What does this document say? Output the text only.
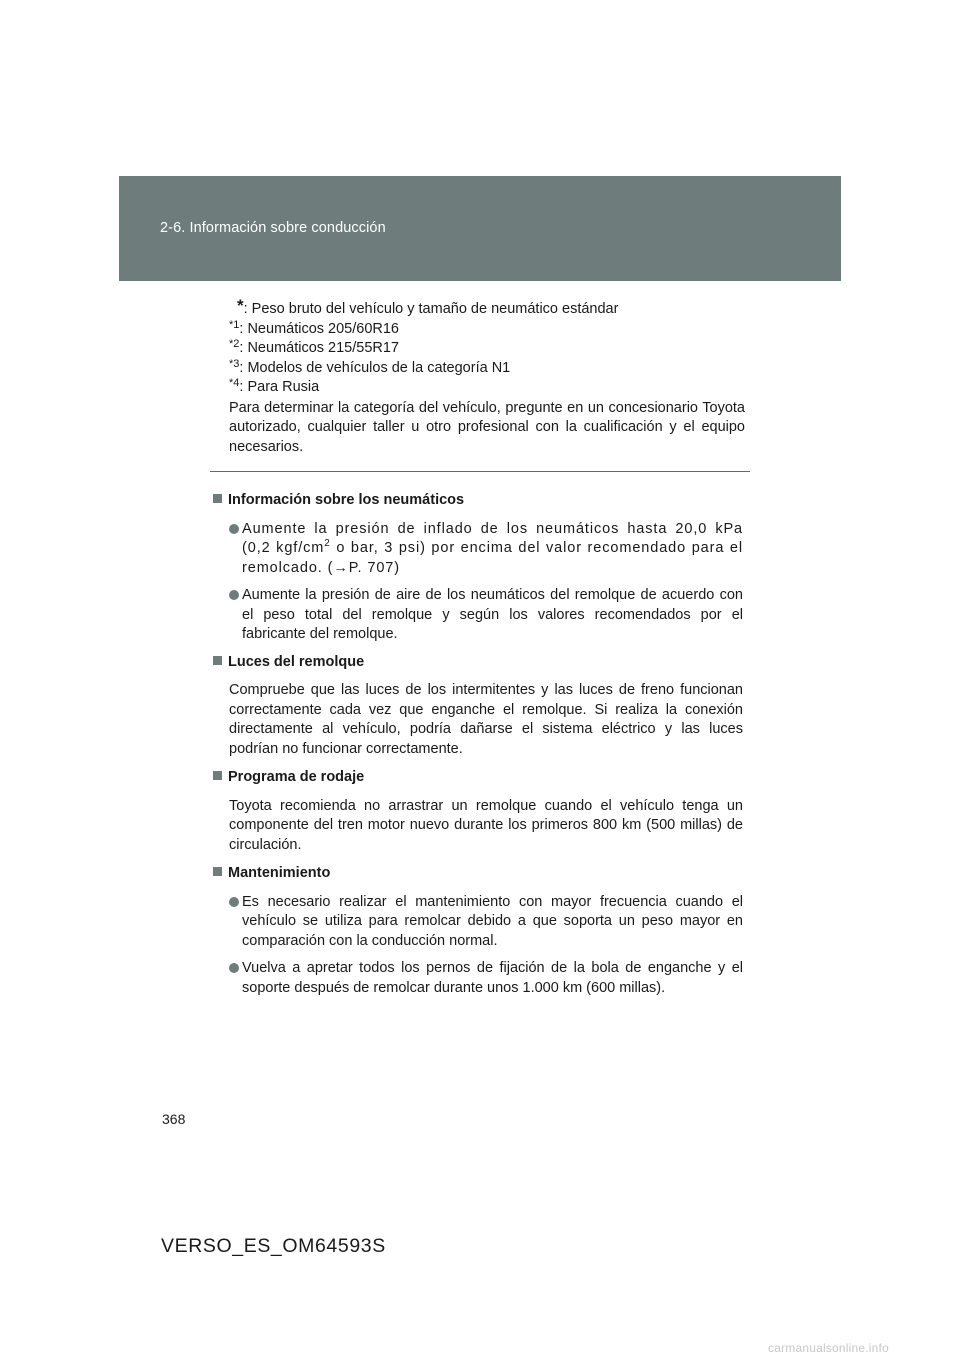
2-6. Información sobre conducción
*: Peso bruto del vehículo y tamaño de neumático estándar
$^{*1}$: Neumáticos 205/60R16
$^{*2}$: Neumáticos 215/55R17
$^{*3}$: Modelos de vehículos de la categoría N1
$^{*4}$: Para Rusia
Para determinar la categoría del vehículo, pregunte en un concesionario Toyota autorizado, cualquier taller u otro profesional con la cualificación y el equipo necesarios.
Información sobre los neumáticos
Aumente la presión de inflado de los neumáticos hasta 20,0 kPa (0,2 kgf/$cm^2$ o bar, 3 psi) por encima del valor recomendado para el remolcado. (→P. 707)
Aumente la presión de aire de los neumáticos del remolque de acuerdo con el peso total del remolque y según los valores recomendados por el fabricante del remolque.
Luces del remolque
Compruebe que las luces de los intermitentes y las luces de freno funcionan correctamente cada vez que enganche el remolque. Si realiza la conexión directamente al vehículo, podría dañarse el sistema eléctrico y las luces podrían no funcionar correctamente.
Programa de rodaje
Toyota recomienda no arrastrar un remolque cuando el vehículo tenga un componente del tren motor nuevo durante los primeros 800 km (500 millas) de circulación.
Mantenimiento
Es necesario realizar el mantenimiento con mayor frecuencia cuando el vehículo se utiliza para remolcar debido a que soporta un peso mayor en comparación con la conducción normal.
Vuelva a apretar todos los pernos de fijación de la bola de enganche y el soporte después de remolcar durante unos 1.000 km (600 millas).
368
VERSO_ES_OM64593S
carmanualsonline.info
